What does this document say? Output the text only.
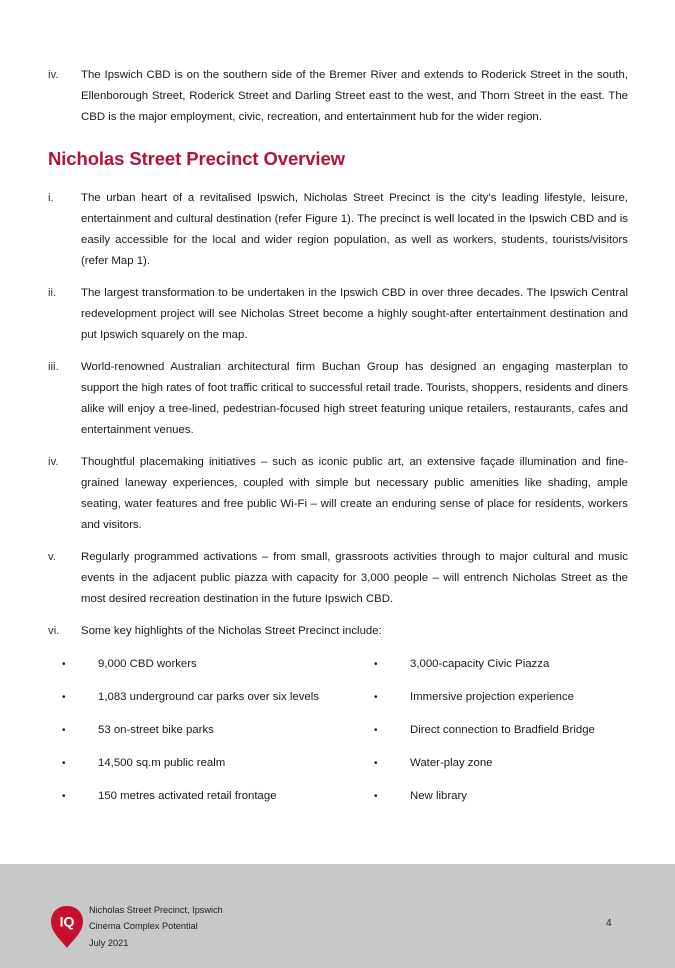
iv.	The Ipswich CBD is on the southern side of the Bremer River and extends to Roderick Street in the south, Ellenborough Street, Roderick Street and Darling Street east to the west, and Thorn Street in the east. The CBD is the major employment, civic, recreation, and entertainment hub for the wider region.
Nicholas Street Precinct Overview
i.	The urban heart of a revitalised Ipswich, Nicholas Street Precinct is the city’s leading lifestyle, leisure, entertainment and cultural destination (refer Figure 1). The precinct is well located in the Ipswich CBD and is easily accessible for the local and wider region population, as well as workers, students, tourists/visitors (refer Map 1).
ii.	The largest transformation to be undertaken in the Ipswich CBD in over three decades. The Ipswich Central redevelopment project will see Nicholas Street become a highly sought-after entertainment destination and put Ipswich squarely on the map.
iii.	World-renowned Australian architectural firm Buchan Group has designed an engaging masterplan to support the high rates of foot traffic critical to successful retail trade. Tourists, shoppers, residents and diners alike will enjoy a tree-lined, pedestrian-focused high street featuring unique retailers, restaurants, cafes and entertainment venues.
iv.	Thoughtful placemaking initiatives – such as iconic public art, an extensive façade illumination and fine-grained laneway experiences, coupled with simple but necessary public amenities like shading, ample seating, water features and free public Wi-Fi – will create an enduring sense of place for residents, workers and visitors.
v.	Regularly programmed activations – from small, grassroots activities through to major cultural and music events in the adjacent public piazza with capacity for 3,000 people – will entrench Nicholas Street as the most desired recreation destination in the future Ipswich CBD.
vi.	Some key highlights of the Nicholas Street Precinct include:
•	9,000 CBD workers
•	1,083 underground car parks over six levels
•	53 on-street bike parks
•	14,500 sq.m public realm
•	150 metres activated retail frontage
•	3,000-capacity Civic Piazza
•	Immersive projection experience
•	Direct connection to Bradfield Bridge
•	Water-play zone
•	New library
IQ
Nicholas Street Precinct, Ipswich
Cinema Complex Potential
July 2021
4
